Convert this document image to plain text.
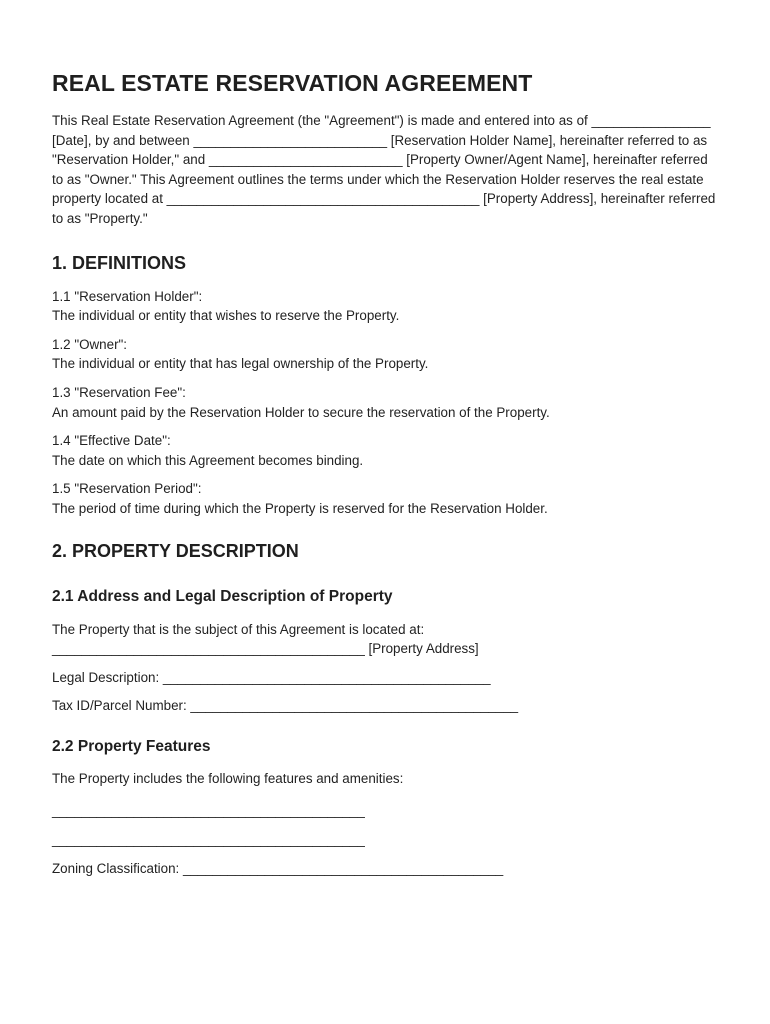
REAL ESTATE RESERVATION AGREEMENT

This Real Estate Reservation Agreement (the "Agreement") is made and entered into as of ________________ [Date], by and between __________________________ [Reservation Holder Name], hereinafter referred to as "Reservation Holder," and __________________________ [Property Owner/Agent Name], hereinafter referred to as "Owner." This Agreement outlines the terms under which the Reservation Holder reserves the real estate property located at __________________________________________ [Property Address], hereinafter referred to as "Property."

1. DEFINITIONS

1.1 "Reservation Holder":

The individual or entity that wishes to reserve the Property.

1.2 "Owner":

The individual or entity that has legal ownership of the Property.

1.3 "Reservation Fee":

An amount paid by the Reservation Holder to secure the reservation of the Property.

1.4 "Effective Date":

The date on which this Agreement becomes binding.

1.5 "Reservation Period":

The period of time during which the Property is reserved for the Reservation Holder.

2. PROPERTY DESCRIPTION
2.1 Address and Legal Description of Property

The Property that is the subject of this Agreement is located at:

__________________________________________ [Property Address]

Legal Description: ____________________________________________

Tax ID/Parcel Number: ____________________________________________

2.2 Property Features

The Property includes the following features and amenities:

__________________________________________

__________________________________________

Zoning Classification: ___________________________________________
